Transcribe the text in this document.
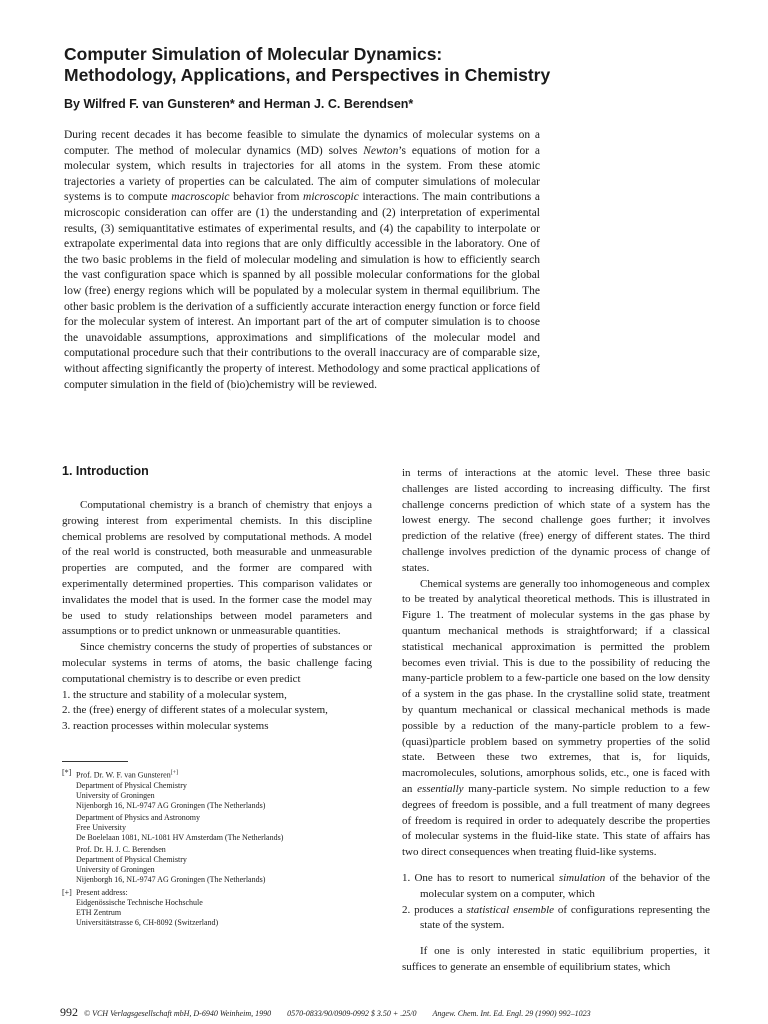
Computer Simulation of Molecular Dynamics:
Methodology, Applications, and Perspectives in Chemistry

By Wilfred F. van Gunsteren* and Herman J. C. Berendsen*

During recent decades it has become feasible to simulate the dynamics of molecular systems on a computer. The method of molecular dynamics (MD) solves Newton’s equations of motion for a molecular system, which results in trajectories for all atoms in the system. From these atomic trajectories a variety of properties can be calculated. The aim of computer simulations of molecular systems is to compute macroscopic behavior from microscopic interactions. The main contributions a microscopic consideration can offer are (1) the understanding and (2) interpretation of experimental results, (3) semiquantitative estimates of experimental results, and (4) the capability to interpolate or extrapolate experimental data into regions that are only difficultly accessible in the laboratory. One of the two basic problems in the field of molecular modeling and simulation is how to efficiently search the vast configuration space which is spanned by all possible molecular conformations for the global low (free) energy regions which will be populated by a molecular system in thermal equilibrium. The other basic problem is the derivation of a sufficiently accurate interaction energy function or force field for the molecular system of interest. An important part of the art of computer simulation is to choose the unavoidable assumptions, approximations and simplifications of the molecular model and computational procedure such that their contributions to the overall inaccuracy are of comparable size, without affecting significantly the property of interest. Methodology and some practical applications of computer simulation in the field of (bio)chemistry will be reviewed.

1. Introduction

Computational chemistry is a branch of chemistry that enjoys a growing interest from experimental chemists. In this discipline chemical problems are resolved by computational methods. A model of the real world is constructed, both measurable and unmeasurable properties are computed, and the former are compared with experimentally determined properties. This comparison validates or invalidates the model that is used. In the former case the model may be used to study relationships between model parameters and assumptions or to predict unknown or unmeasurable quantities.

Since chemistry concerns the study of properties of substances or molecular systems in terms of atoms, the basic challenge facing computational chemistry is to describe or even predict

1. the structure and stability of a molecular system,
2. the (free) energy of different states of a molecular system,
3. reaction processes within molecular systems
[*] Prof. Dr. W. F. van Gunsteren[+]
Department of Physical Chemistry
University of Groningen
Nijenborgh 16, NL-9747 AG Groningen (The Netherlands)
Department of Physics and Astronomy
Free University
De Boelelaan 1081, NL-1081 HV Amsterdam (The Netherlands)
Prof. Dr. H. J. C. Berendsen
Department of Physical Chemistry
University of Groningen
Nijenborgh 16, NL-9747 AG Groningen (The Netherlands)
[+] Present address:
Eidgenössische Technische Hochschule
ETH Zentrum
Universitätstrasse 6, CH-8092 (Switzerland)

in terms of interactions at the atomic level. These three basic challenges are listed according to increasing difficulty. The first challenge concerns prediction of which state of a system has the lowest energy. The second challenge goes further; it involves prediction of the relative (free) energy of different states. The third challenge involves prediction of the dynamic process of change of states.

Chemical systems are generally too inhomogeneous and complex to be treated by analytical theoretical methods. This is illustrated in Figure 1. The treatment of molecular systems in the gas phase by quantum mechanical methods is straightforward; if a classical statistical mechanical approximation is permitted the problem becomes even trivial. This is due to the possibility of reducing the many-particle problem to a few-particle one based on the low density of a system in the gas phase. In the crystalline solid state, treatment by quantum mechanical or classical mechanical methods is made possible by a reduction of the many-particle problem to a few-(quasi)particle problem based on symmetry properties of the solid state. Between these two extremes, that is, for liquids, macromolecules, solutions, amorphous solids, etc., one is faced with an essentially many-particle system. No simple reduction to a few degrees of freedom is possible, and a full treatment of many degrees of freedom is required in order to adequately describe the properties of molecular systems in the fluid-like state. This state of affairs has two direct consequences when treating fluid-like systems.

1. One has to resort to numerical simulation of the behavior of the molecular system on a computer, which
2. produces a statistical ensemble of configurations representing the state of the system.

If one is only interested in static equilibrium properties, it suffices to generate an ensemble of equilibrium states, which

992 © VCH Verlagsgesellschaft mbH, D-6940 Weinheim, 1990 0570-0833/90/0909-0992 $ 3.50 + .25/0 Angew. Chem. Int. Ed. Engl. 29 (1990) 992–1023
